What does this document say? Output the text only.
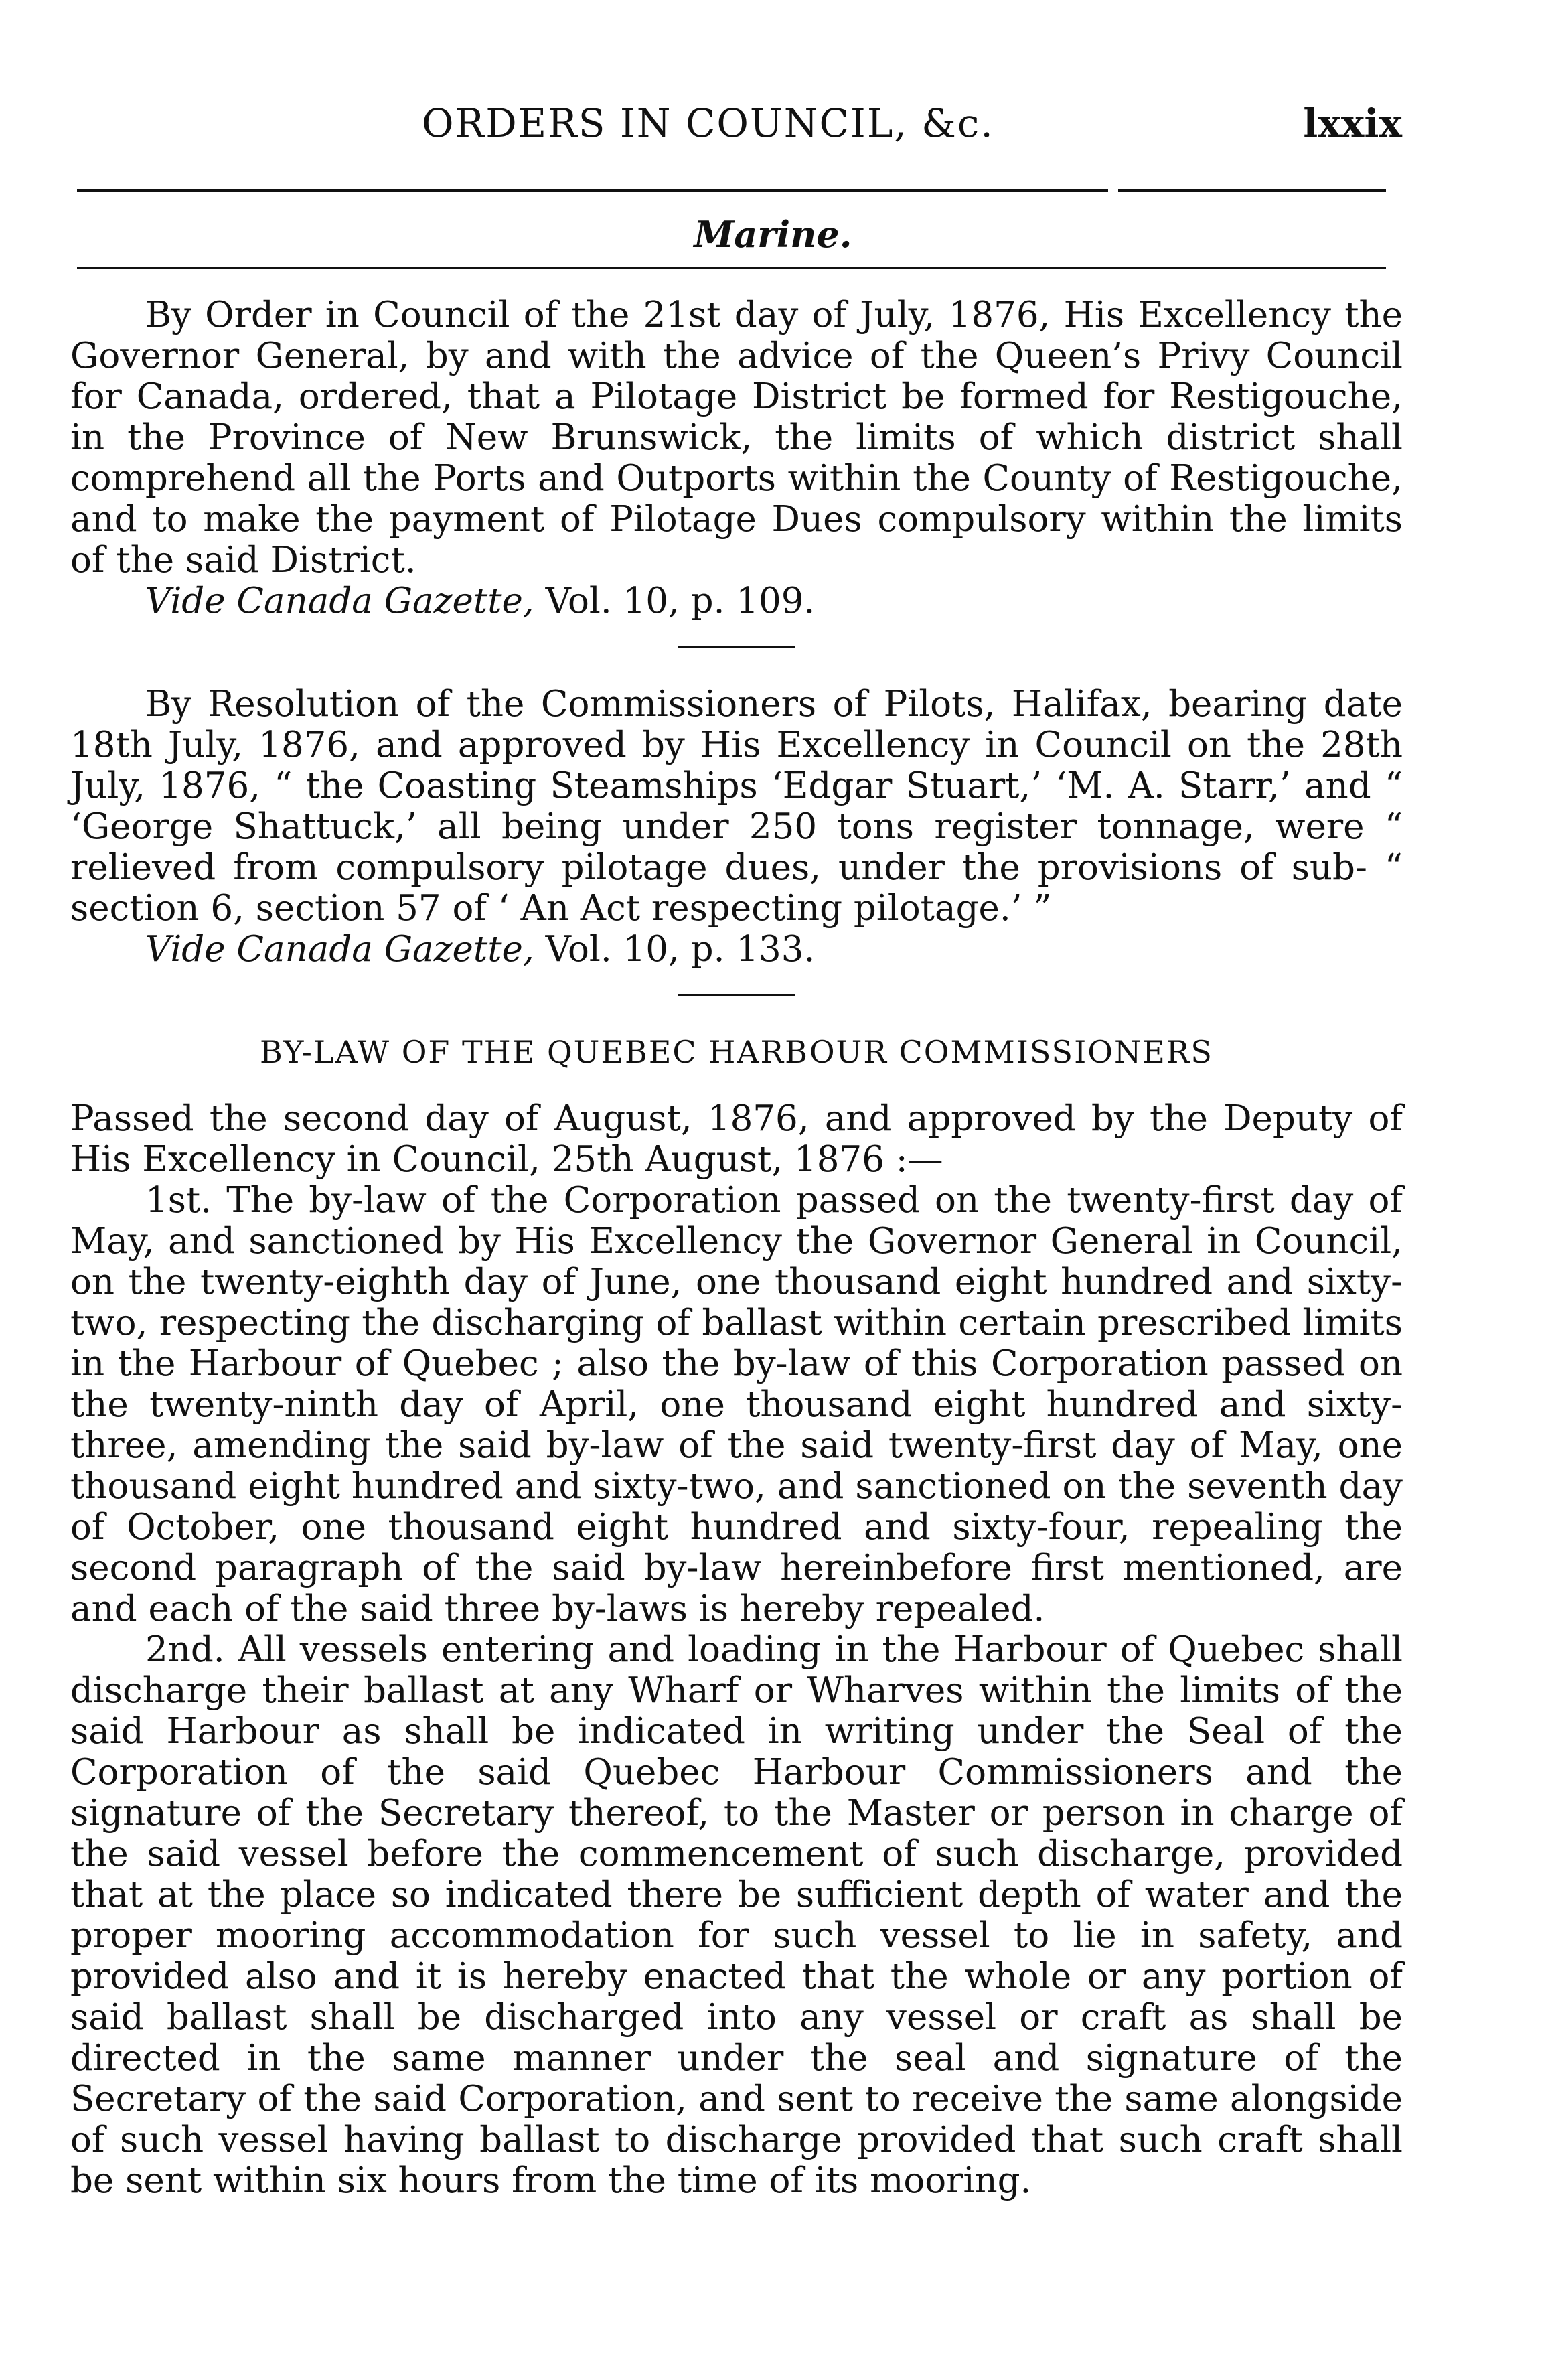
ORDERS IN COUNCIL, &c.	lxxix
Marine.

By Order in Council of the 21st day of July, 1876, His Excellency the Governor General, by and with the advice of the Queen’s Privy Council for Canada, ordered, that a Pilotage District be formed for Restigouche, in the Province of New Brunswick, the limits of which district shall comprehend all the Ports and Outports within the County of Restigouche, and to make the payment of Pilotage Dues compulsory within the limits of the said District.

Vide Canada Gazette, Vol. 10, p. 109.

By Resolution of the Commissioners of Pilots, Halifax, bearing date 18th July, 1876, and approved by His Excellency in Council on the 28th July, 1876, “ the Coasting Steamships ‘Edgar Stuart,’ ‘M. A. Starr,’ and “ ‘George Shattuck,’ all being under 250 tons register tonnage, were “ relieved from compulsory pilotage dues, under the provisions of sub- “ section 6, section 57 of ‘ An Act respecting pilotage.’ ”

Vide Canada Gazette, Vol. 10, p. 133.

BY-LAW OF THE QUEBEC HARBOUR COMMISSIONERS

Passed the second day of August, 1876, and approved by the Deputy of His Excellency in Council, 25th August, 1876 :—

1st. The by-law of the Corporation passed on the twenty-first day of May, and sanctioned by His Excellency the Governor General in Council, on the twenty-eighth day of June, one thousand eight hundred and sixty-two, respecting the discharging of ballast within certain prescribed limits in the Harbour of Quebec ; also the by-law of this Corporation passed on the twenty-ninth day of April, one thousand eight hundred and sixty-three, amending the said by-law of the said twenty-first day of May, one thousand eight hundred and sixty-two, and sanctioned on the seventh day of October, one thousand eight hundred and sixty-four, repealing the second paragraph of the said by-law hereinbefore first mentioned, are and each of the said three by-laws is hereby repealed.

2nd. All vessels entering and loading in the Harbour of Quebec shall discharge their ballast at any Wharf or Wharves within the limits of the said Harbour as shall be indicated in writing under the Seal of the Corporation of the said Quebec Harbour Commissioners and the signature of the Secretary thereof, to the Master or person in charge of the said vessel before the commencement of such discharge, provided that at the place so indicated there be sufficient depth of water and the proper mooring accommodation for such vessel to lie in safety, and provided also and it is hereby enacted that the whole or any portion of said ballast shall be discharged into any vessel or craft as shall be directed in the same manner under the seal and signature of the Secretary of the said Corporation, and sent to receive the same alongside of such vessel having ballast to discharge provided that such craft shall be sent within six hours from the time of its mooring.
